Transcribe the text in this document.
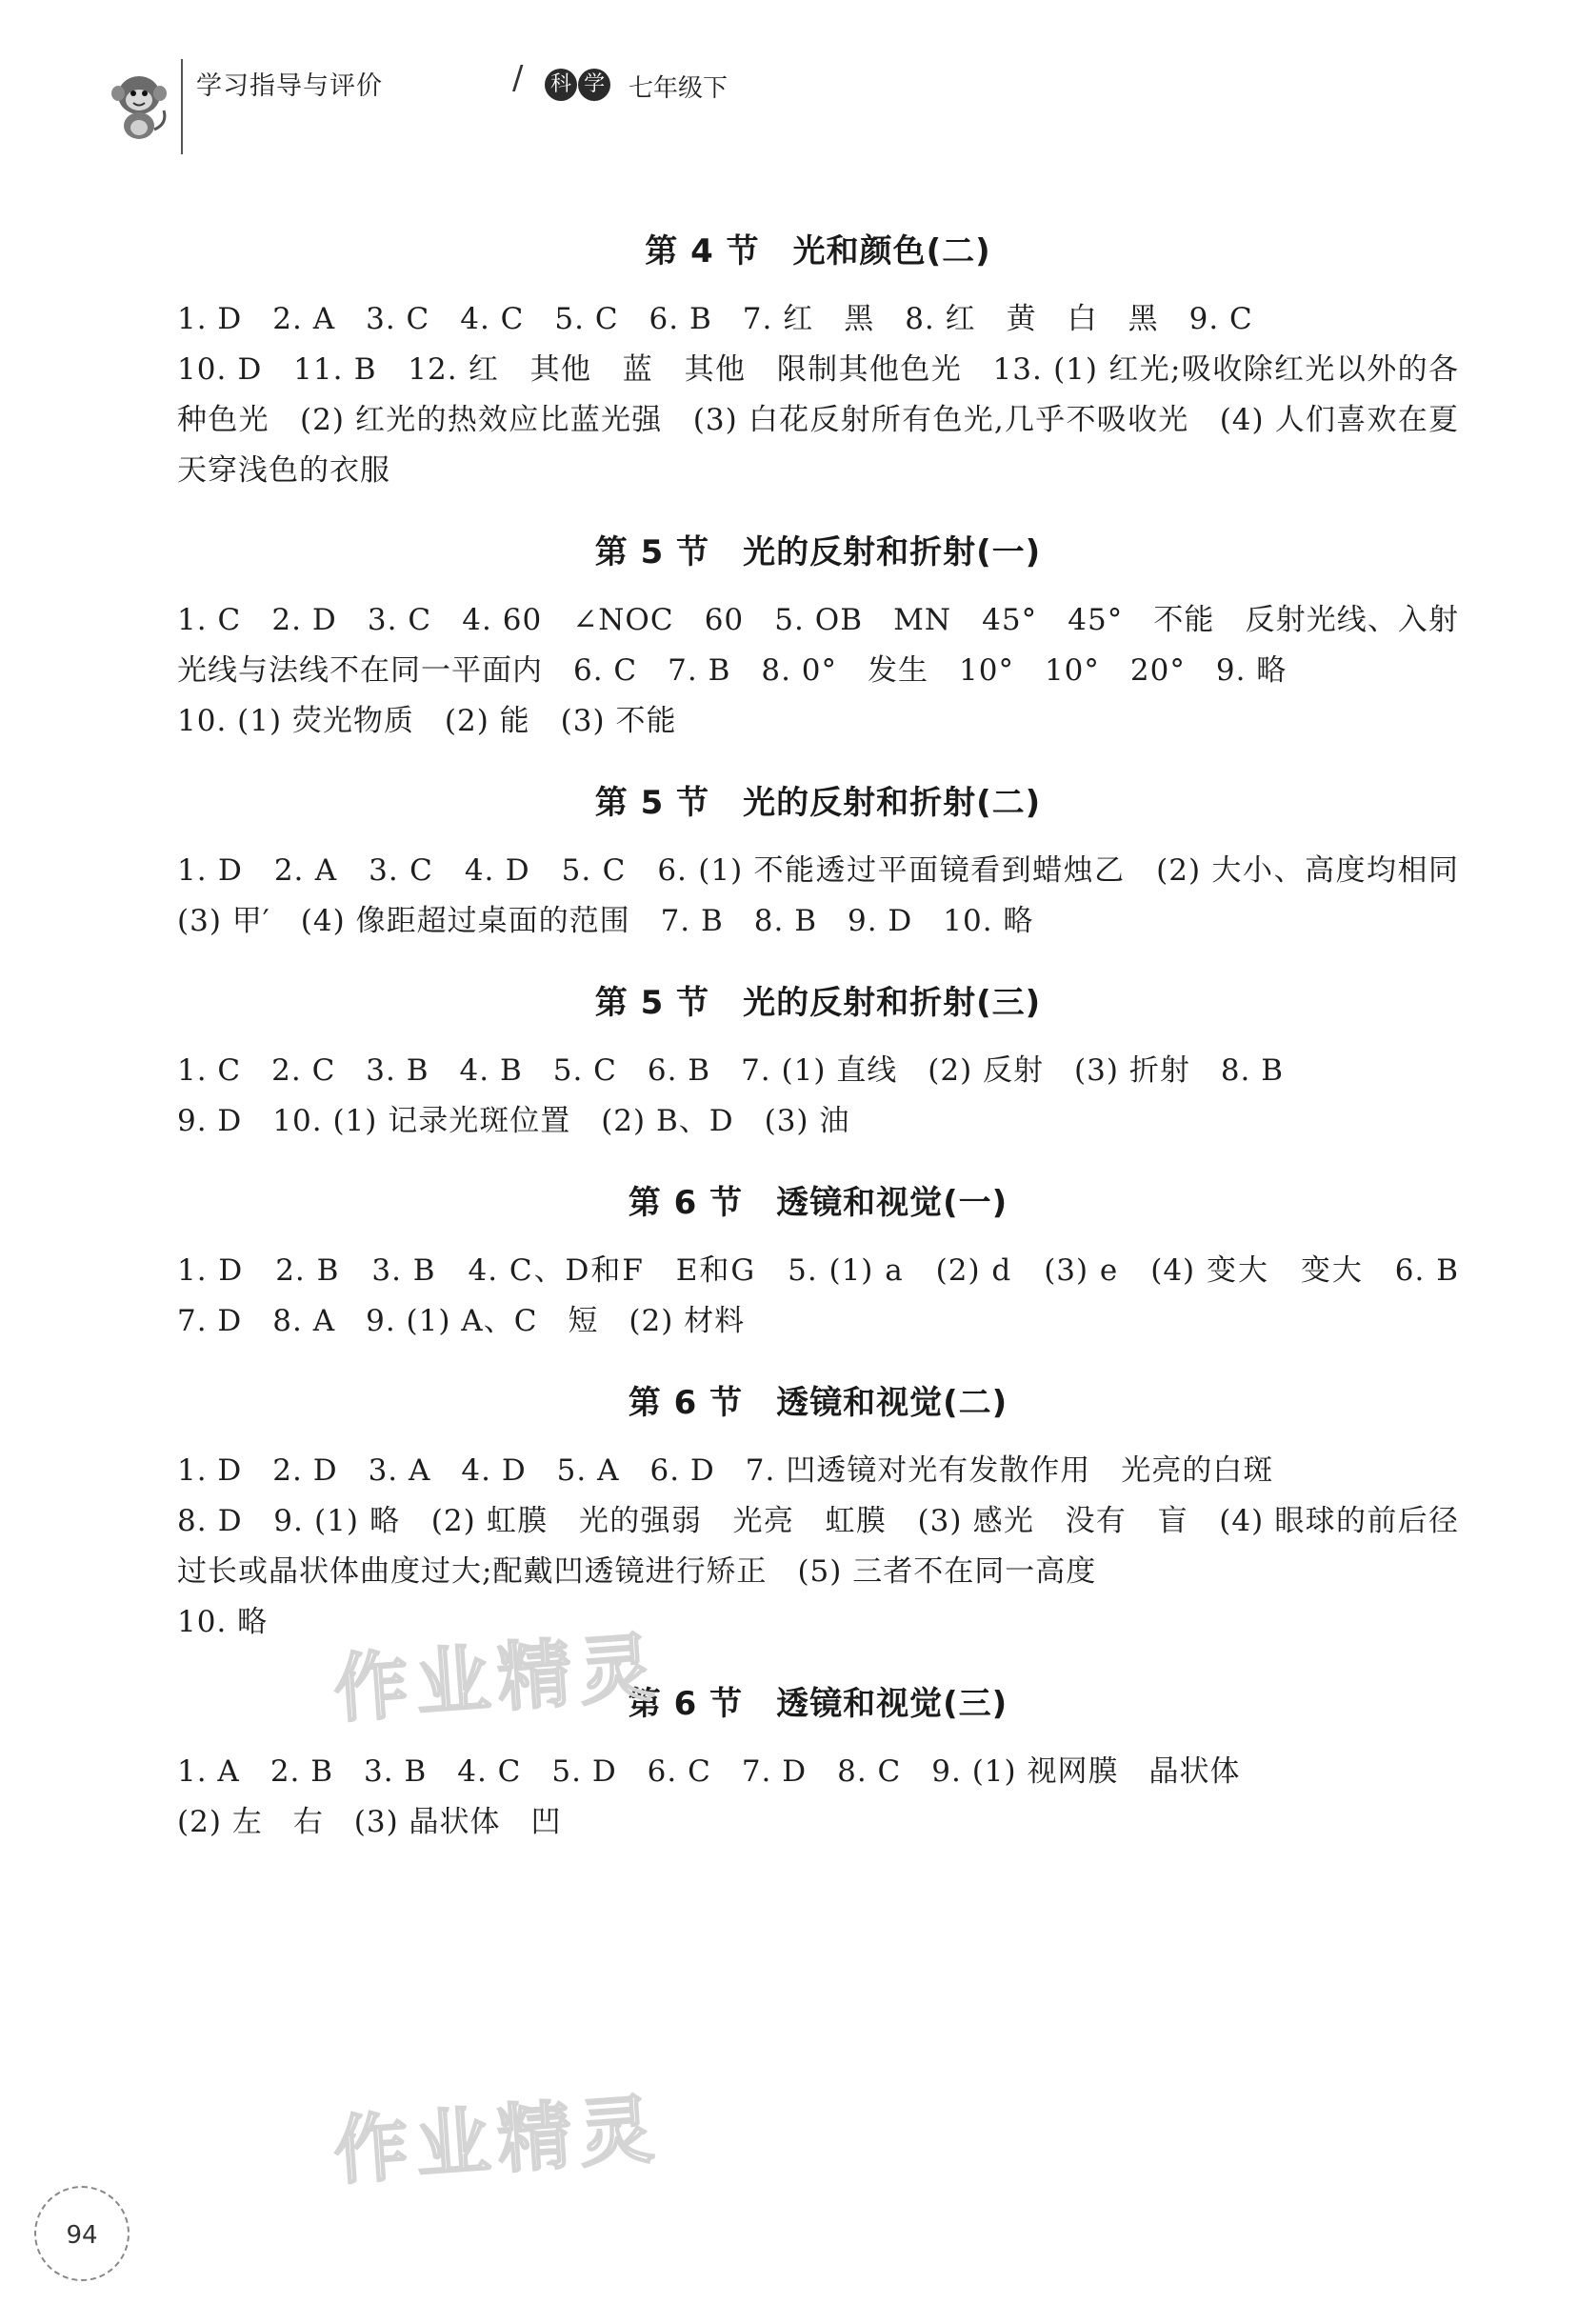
学习指导与评价	/ 科 学 七年级下
第 4 节　光和颜色(二)
1. D　2. A　3. C　4. C　5. C　6. B　7. 红　黑　8. 红　黄　白　黑　9. C
10. D　11. B　12. 红　其他　蓝　其他　限制其他色光　13. (1) 红光;吸收除红光以外的各种色光　(2) 红光的热效应比蓝光强　(3) 白花反射所有色光,几乎不吸收光　(4) 人们喜欢在夏天穿浅色的衣服
第 5 节　光的反射和折射(一)
1. C　2. D　3. C　4. 60　∠NOC　60　5. OB　MN　45°　45°　不能　反射光线、入射光线与法线不在同一平面内　6. C　7. B　8. 0°　发生　10°　10°　20°　9. 略
10. (1) 荧光物质　(2) 能　(3) 不能
第 5 节　光的反射和折射(二)
1. D　2. A　3. C　4. D　5. C　6. (1) 不能透过平面镜看到蜡烛乙　(2) 大小、高度均相同　(3) 甲′　(4) 像距超过桌面的范围　7. B　8. B　9. D　10. 略
第 5 节　光的反射和折射(三)
1. C　2. C　3. B　4. B　5. C　6. B　7. (1) 直线　(2) 反射　(3) 折射　8. B
9. D　10. (1) 记录光斑位置　(2) B、D　(3) 油
第 6 节　透镜和视觉(一)
1. D　2. B　3. B　4. C、D和F　E和G　5. (1) a　(2) d　(3) e　(4) 变大　变大　6. B　7. D　8. A　9. (1) A、C　短　(2) 材料
第 6 节　透镜和视觉(二)
1. D　2. D　3. A　4. D　5. A　6. D　7. 凹透镜对光有发散作用　光亮的白斑
8. D　9. (1) 略　(2) 虹膜　光的强弱　光亮　虹膜　(3) 感光　没有　盲　(4) 眼球的前后径过长或晶状体曲度过大;配戴凹透镜进行矫正　(5) 三者不在同一高度
10. 略
第 6 节　透镜和视觉(三)
1. A　2. B　3. B　4. C　5. D　6. C　7. D　8. C　9. (1) 视网膜　晶状体
(2) 左　右　(3) 晶状体　凹
作业精灵
作业精灵
94
